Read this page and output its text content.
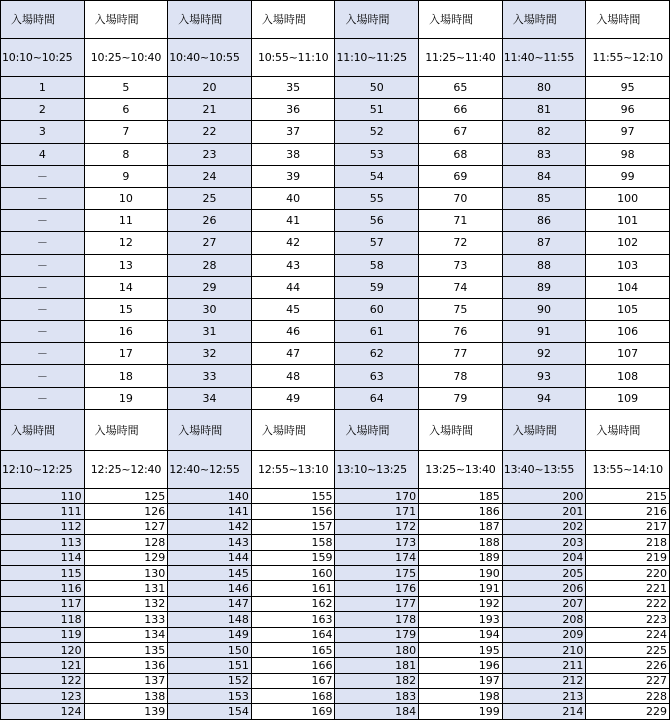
入場時間	入場時間	入場時間	入場時間	入場時間	入場時間	入場時間	入場時間
10:10~10:25	10:25~10:40	10:40~10:55	10:55~11:10	11:10~11:25	11:25~11:40	11:40~11:55	11:55~12:10
1	5	20	35	50	65	80	95
2	6	21	36	51	66	81	96
3	7	22	37	52	67	82	97
4	8	23	38	53	68	83	98
－	9	24	39	54	69	84	99
－	10	25	40	55	70	85	100
－	11	26	41	56	71	86	101
－	12	27	42	57	72	87	102
－	13	28	43	58	73	88	103
－	14	29	44	59	74	89	104
－	15	30	45	60	75	90	105
－	16	31	46	61	76	91	106
－	17	32	47	62	77	92	107
－	18	33	48	63	78	93	108
－	19	34	49	64	79	94	109
入場時間	入場時間	入場時間	入場時間	入場時間	入場時間	入場時間	入場時間
12:10~12:25	12:25~12:40	12:40~12:55	12:55~13:10	13:10~13:25	13:25~13:40	13:40~13:55	13:55~14:10
110	125	140	155	170	185	200	215
111	126	141	156	171	186	201	216
112	127	142	157	172	187	202	217
113	128	143	158	173	188	203	218
114	129	144	159	174	189	204	219
115	130	145	160	175	190	205	220
116	131	146	161	176	191	206	221
117	132	147	162	177	192	207	222
118	133	148	163	178	193	208	223
119	134	149	164	179	194	209	224
120	135	150	165	180	195	210	225
121	136	151	166	181	196	211	226
122	137	152	167	182	197	212	227
123	138	153	168	183	198	213	228
124	139	154	169	184	199	214	229
